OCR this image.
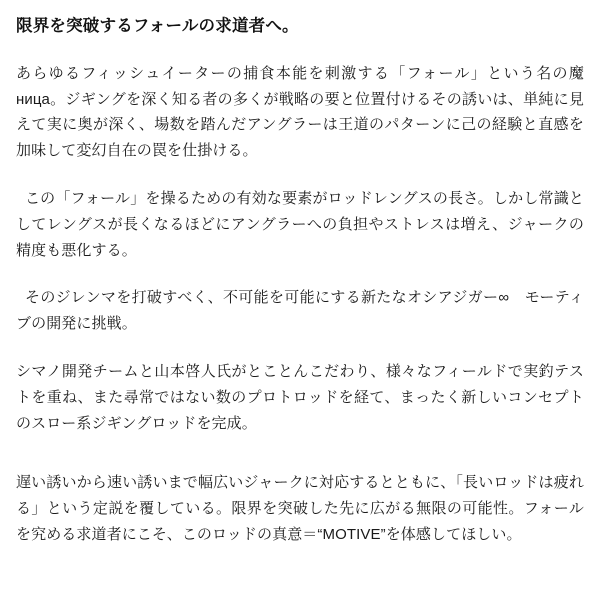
限界を突破するフォールの求道者へ。

あらゆるフィッシュイーターの捕食本能を刺激する「フォール」という名の魔ница。ジギングを深く知る者の多くが戦略の要と位置付けるその誘いは、単純に見えて実に奥が深く、場数を踏んだアングラーは王道のパターンに己の経験と直感を加味して変幻自在の罠を仕掛ける。

この「フォール」を操るための有効な要素がロッドレングスの長さ。しかし常識としてレングスが長くなるほどにアングラーへの負担やストレスは増え、ジャークの精度も悪化する。

そのジレンマを打破すべく、不可能を可能にする新たなオシアジガー∞　モーティブの開発に挑戦。

シマノ開発チームと山本啓人氏がとことんこだわり、様々なフィールドで実釣テストを重ね、また尋常ではない数のプロトロッドを経て、まったく新しいコンセプトのスロー系ジギングロッドを完成。

遅い誘いから速い誘いまで幅広いジャークに対応するとともに、「長いロッドは疲れる」という定説を覆している。限界を突破した先に広がる無限の可能性。フォールを究める求道者にこそ、このロッドの真意＝“MOTIVE”を体感してほしい。
